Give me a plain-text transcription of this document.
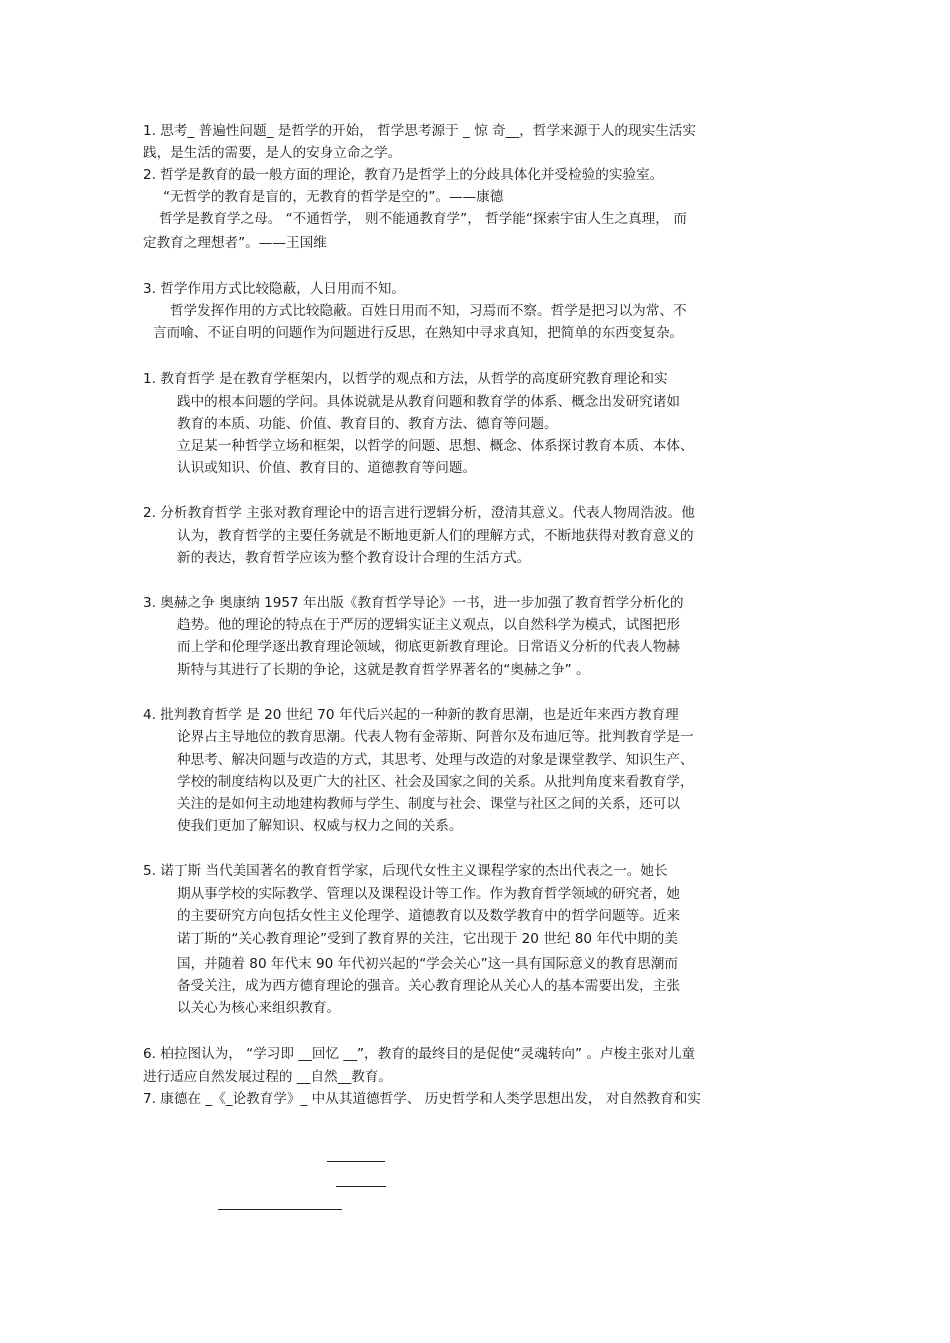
1. 思考_ 普遍性问题_ 是哲学的开始， 哲学思考源于 _ 惊 奇__，哲学来源于人的现实生活实

践，是生活的需要，是人的安身立命之学。

2. 哲学是教育的最一般方面的理论，教育乃是哲学上的分歧具体化并受检验的实验室。

“无哲学的教育是盲的，无教育的哲学是空的”。——康德

哲学是教育学之母。 “不通哲学， 则不能通教育学”， 哲学能“探索宇宙人生之真理， 而

定教育之理想者”。——王国维

3. 哲学作用方式比较隐蔽，人日用而不知。

哲学发挥作用的方式比较隐蔽。百姓日用而不知，习焉而不察。哲学是把习以为常、不

言而喻、不证自明的问题作为问题进行反思，在熟知中寻求真知，把简单的东西变复杂。

1. 教育哲学 是在教育学框架内，以哲学的观点和方法，从哲学的高度研究教育理论和实

践中的根本问题的学问。具体说就是从教育问题和教育学的体系、概念出发研究诸如

教育的本质、功能、价值、教育目的、教育方法、德育等问题。

立足某一种哲学立场和框架，以哲学的问题、思想、概念、体系探讨教育本质、本体、

认识或知识、价值、教育目的、道德教育等问题。

2. 分析教育哲学 主张对教育理论中的语言进行逻辑分析，澄清其意义。代表人物周浩波。他

认为，教育哲学的主要任务就是不断地更新人们的理解方式，不断地获得对教育意义的

新的表达，教育哲学应该为整个教育设计合理的生活方式。

3. 奥赫之争 奥康纳 1957 年出版《教育哲学导论》一书，进一步加强了教育哲学分析化的

趋势。他的理论的特点在于严厉的逻辑实证主义观点，以自然科学为模式，试图把形

而上学和伦理学逐出教育理论领域，彻底更新教育理论。日常语义分析的代表人物赫

斯特与其进行了长期的争论，这就是教育哲学界著名的“奥赫之争” 。

4. 批判教育哲学 是 20 世纪 70 年代后兴起的一种新的教育思潮，也是近年来西方教育理

论界占主导地位的教育思潮。代表人物有金蒂斯、阿普尔及布迪厄等。批判教育学是一

种思考、解决问题与改造的方式，其思考、处理与改造的对象是课堂教学、知识生产、

学校的制度结构以及更广大的社区、社会及国家之间的关系。从批判角度来看教育学，

关注的是如何主动地建构教师与学生、制度与社会、课堂与社区之间的关系，还可以

使我们更加了解知识、权威与权力之间的关系。

5. 诺丁斯 当代美国著名的教育哲学家，后现代女性主义课程学家的杰出代表之一。她长

期从事学校的实际教学、管理以及课程设计等工作。作为教育哲学领域的研究者，她

的主要研究方向包括女性主义伦理学、道德教育以及数学教育中的哲学问题等。近来

诺丁斯的“关心教育理论”受到了教育界的关注，它出现于 20 世纪 80 年代中期的美

国，并随着 80 年代末 90 年代初兴起的“学会关心”这一具有国际意义的教育思潮而

备受关注，成为西方德育理论的强音。关心教育理论从关心人的基本需要出发，主张

以关心为核心来组织教育。

6. 柏拉图认为， “学习即 __回忆 __”，教育的最终目的是促使“灵魂转向” 。卢梭主张对儿童

进行适应自然发展过程的 __自然__教育。

7. 康德在 _《_论教育学》_ 中从其道德哲学、 历史哲学和人类学思想出发， 对自然教育和实
